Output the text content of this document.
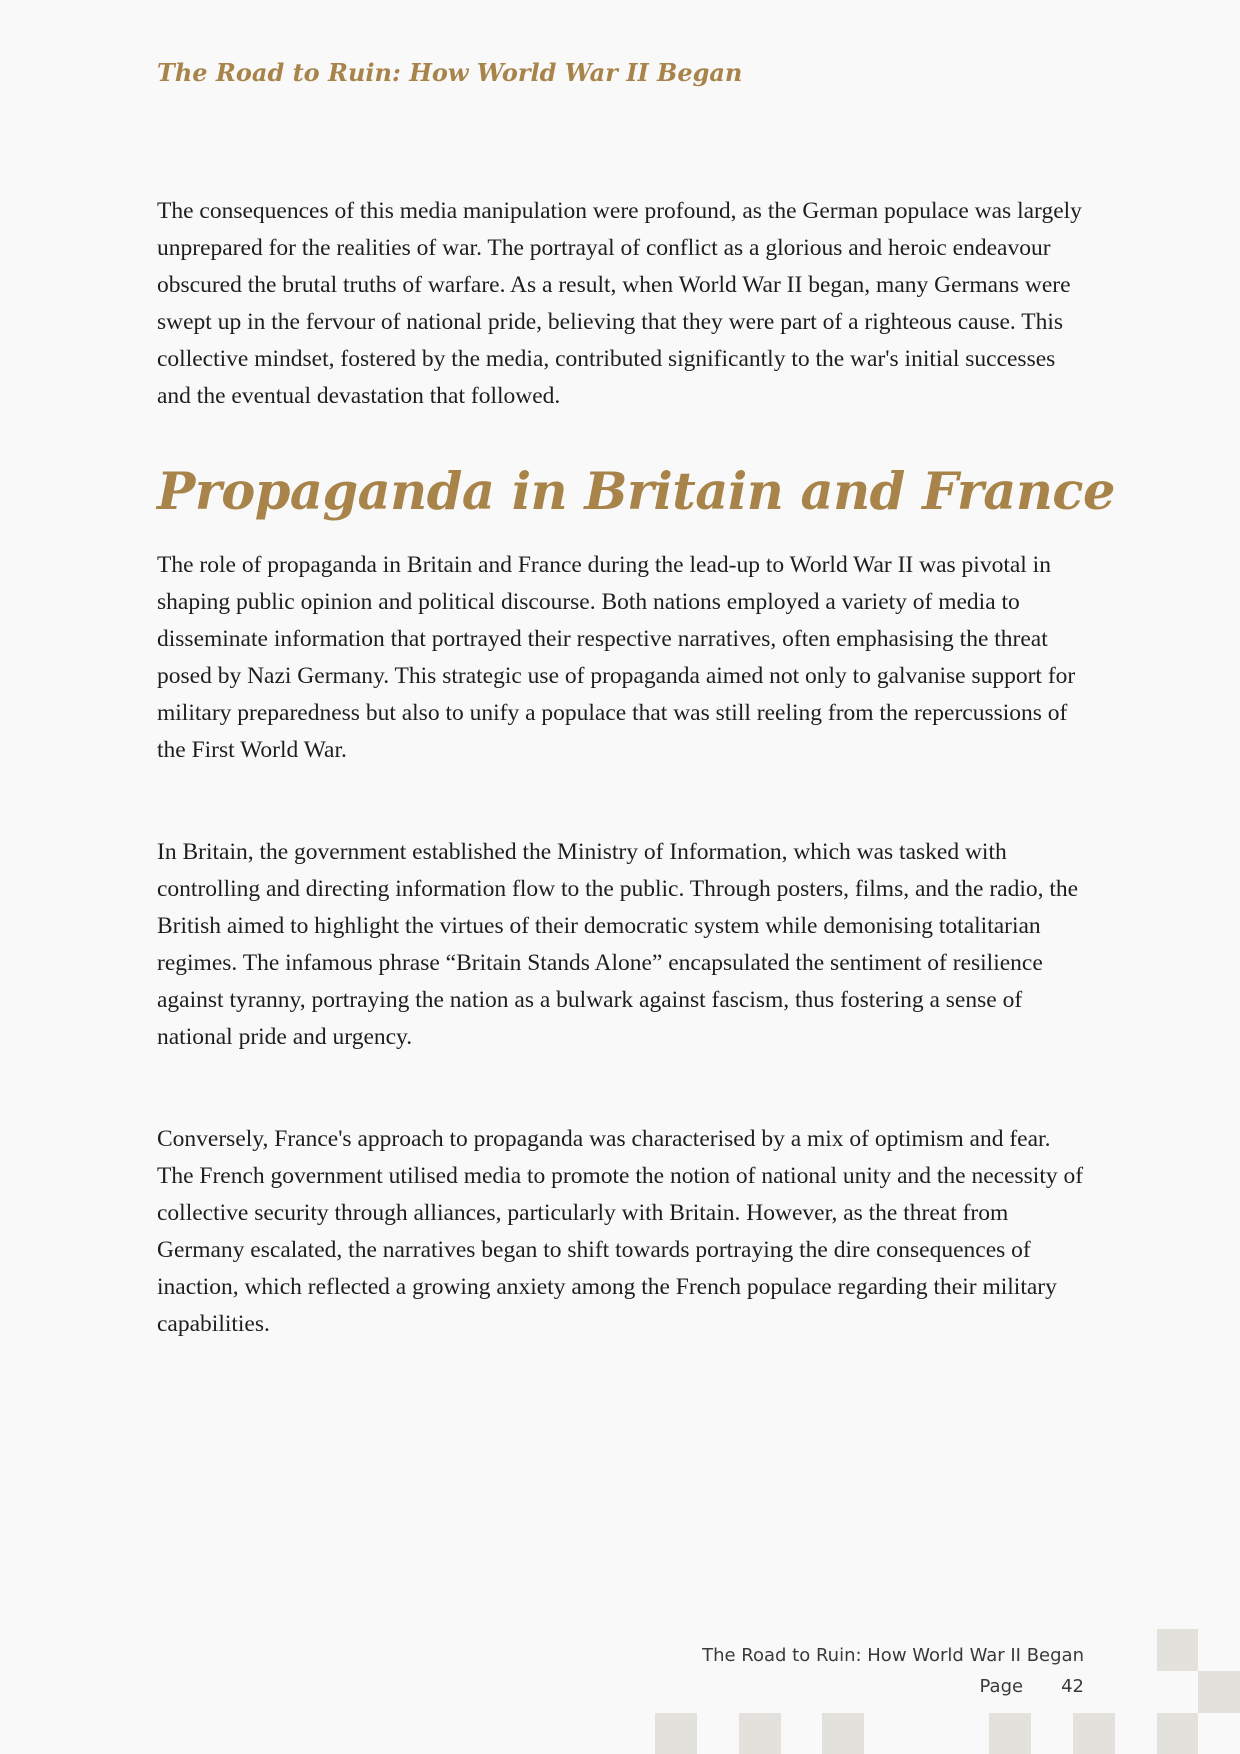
The Road to Ruin: How World War II Began

The consequences of this media manipulation were profound, as the German populace was largely unprepared for the realities of war. The portrayal of conflict as a glorious and heroic endeavour obscured the brutal truths of warfare. As a result, when World War II began, many Germans were swept up in the fervour of national pride, believing that they were part of a righteous cause. This collective mindset, fostered by the media, contributed significantly to the war's initial successes and the eventual devastation that followed.

Propaganda in Britain and France

The role of propaganda in Britain and France during the lead-up to World War II was pivotal in shaping public opinion and political discourse. Both nations employed a variety of media to disseminate information that portrayed their respective narratives, often emphasising the threat posed by Nazi Germany. This strategic use of propaganda aimed not only to galvanise support for military preparedness but also to unify a populace that was still reeling from the repercussions of the First World War.

In Britain, the government established the Ministry of Information, which was tasked with controlling and directing information flow to the public. Through posters, films, and the radio, the British aimed to highlight the virtues of their democratic system while demonising totalitarian regimes. The infamous phrase “Britain Stands Alone” encapsulated the sentiment of resilience against tyranny, portraying the nation as a bulwark against fascism, thus fostering a sense of national pride and urgency.

Conversely, France's approach to propaganda was characterised by a mix of optimism and fear. The French government utilised media to promote the notion of national unity and the necessity of collective security through alliances, particularly with Britain. However, as the threat from Germany escalated, the narratives began to shift towards portraying the dire consequences of inaction, which reflected a growing anxiety among the French populace regarding their military capabilities.

The Road to Ruin: How World War II Began
Page 42
